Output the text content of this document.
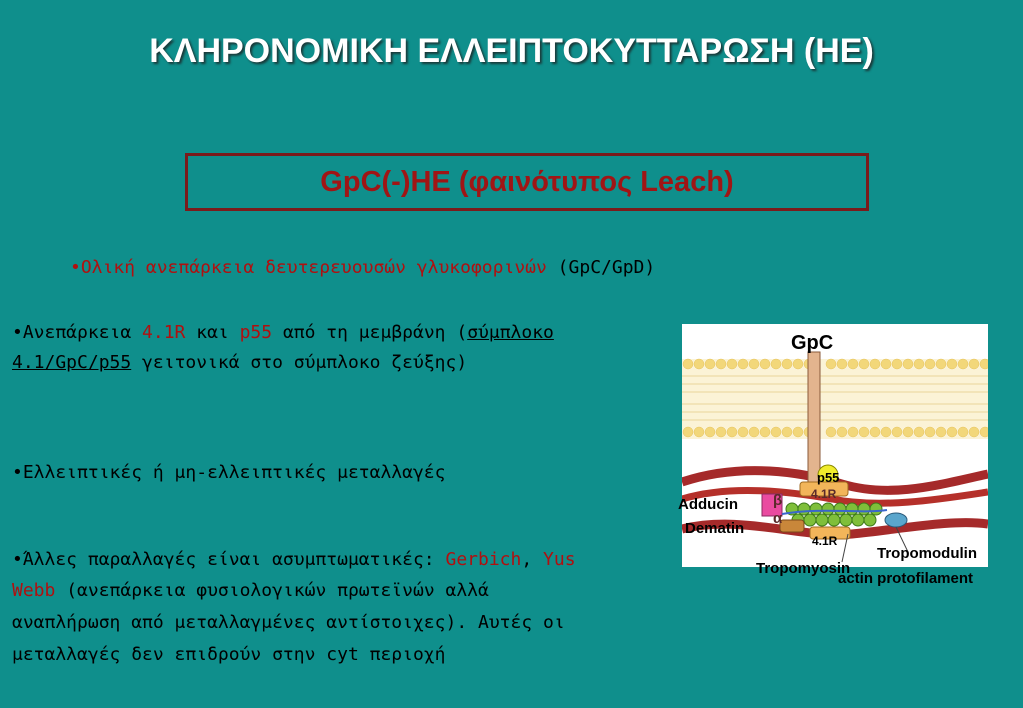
ΚΛΗΡΟΝΟΜΙΚΗ ΕΛΛΕΙΠΤΟΚΥΤΤΑΡΩΣΗ (HE)
GpC(-)HE (φαινότυπος Leach)
•Ολική ανεπάρκεια δευτερευουσών γλυκοφορινών (GpC/GpD)
•Ανεπάρκεια 4.1R και p55 από τη μεμβράνη (σύμπλοκο
4.1/GpC/p55 γειτονικά στο σύμπλοκο ζεύξης)
•Ελλειπτικές ή μη-ελλειπτικές μεταλλαγές
•Άλλες παραλλαγές είναι ασυμπτωματικές: Gerbich, Yus
Webb (ανεπάρκεια φυσιολογικών πρωτεϊνών αλλά
αναπλήρωση από μεταλλαγμένες αντίστοιχες). Αυτές οι
μεταλλαγές δεν επιδρούν στην cyt περιοχή
GpC
p55
4.1R
β
α
Adducin
Dematin
4.1R
Tropomyosin
Tropomodulin
actin protofilament
